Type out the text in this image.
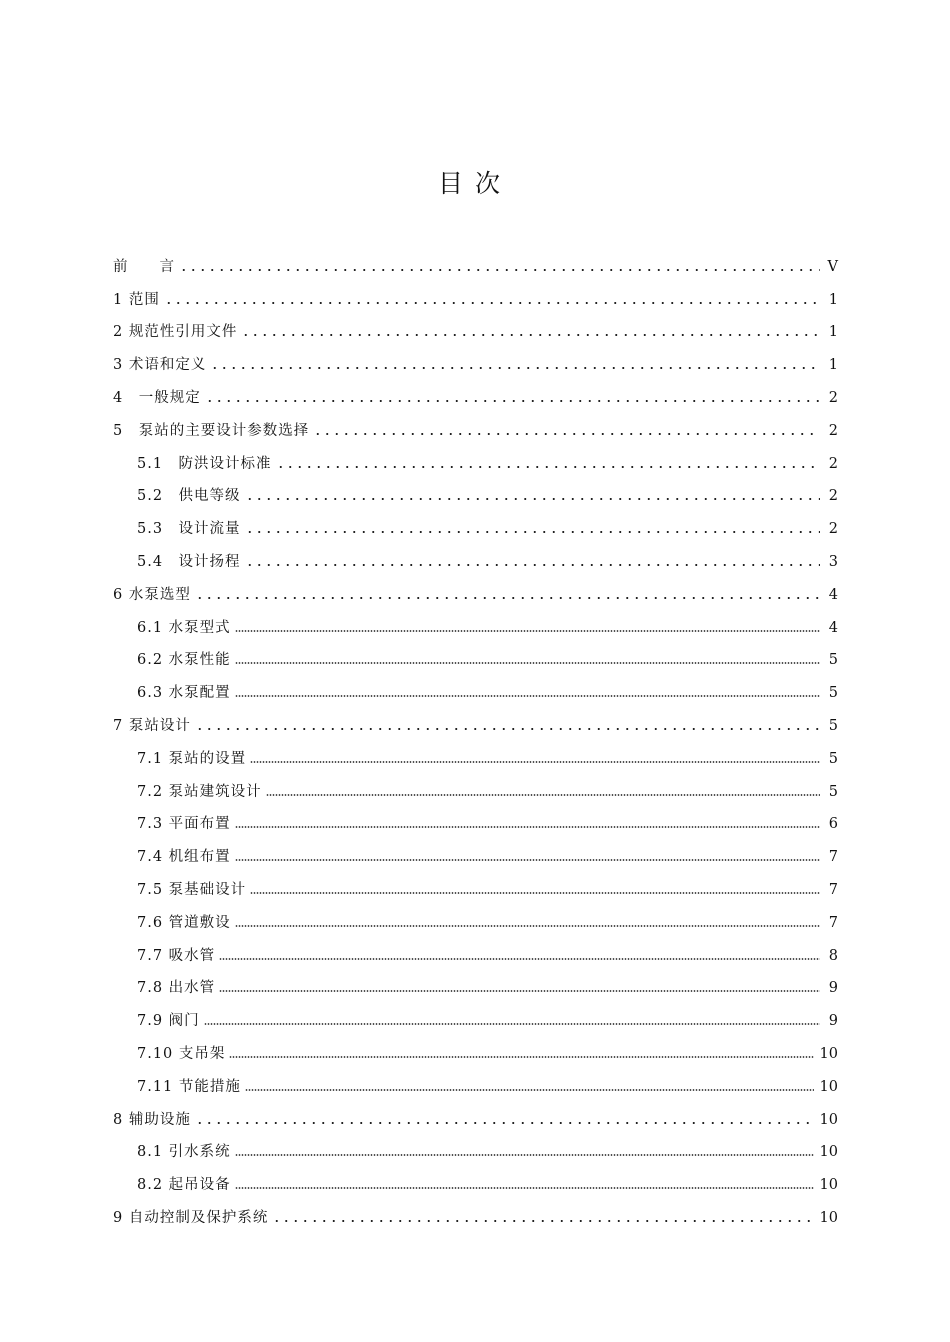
目次
前　　言	V
1 范围	1
2 规范性引用文件	1
3 术语和定义	1
4　一般规定	2
5　泵站的主要设计参数选择	2
5.1　防洪设计标准	2
5.2　供电等级	2
5.3　设计流量	2
5.4　设计扬程	3
6 水泵选型	4
6.1 水泵型式	4
6.2 水泵性能	5
6.3 水泵配置	5
7 泵站设计	5
7.1 泵站的设置	5
7.2 泵站建筑设计	5
7.3 平面布置	6
7.4 机组布置	7
7.5 泵基础设计	7
7.6 管道敷设	7
7.7 吸水管	8
7.8 出水管	9
7.9 阀门	9
7.10 支吊架	10
7.11 节能措施	10
8 辅助设施	10
8.1 引水系统	10
8.2 起吊设备	10
9 自动控制及保护系统	10
